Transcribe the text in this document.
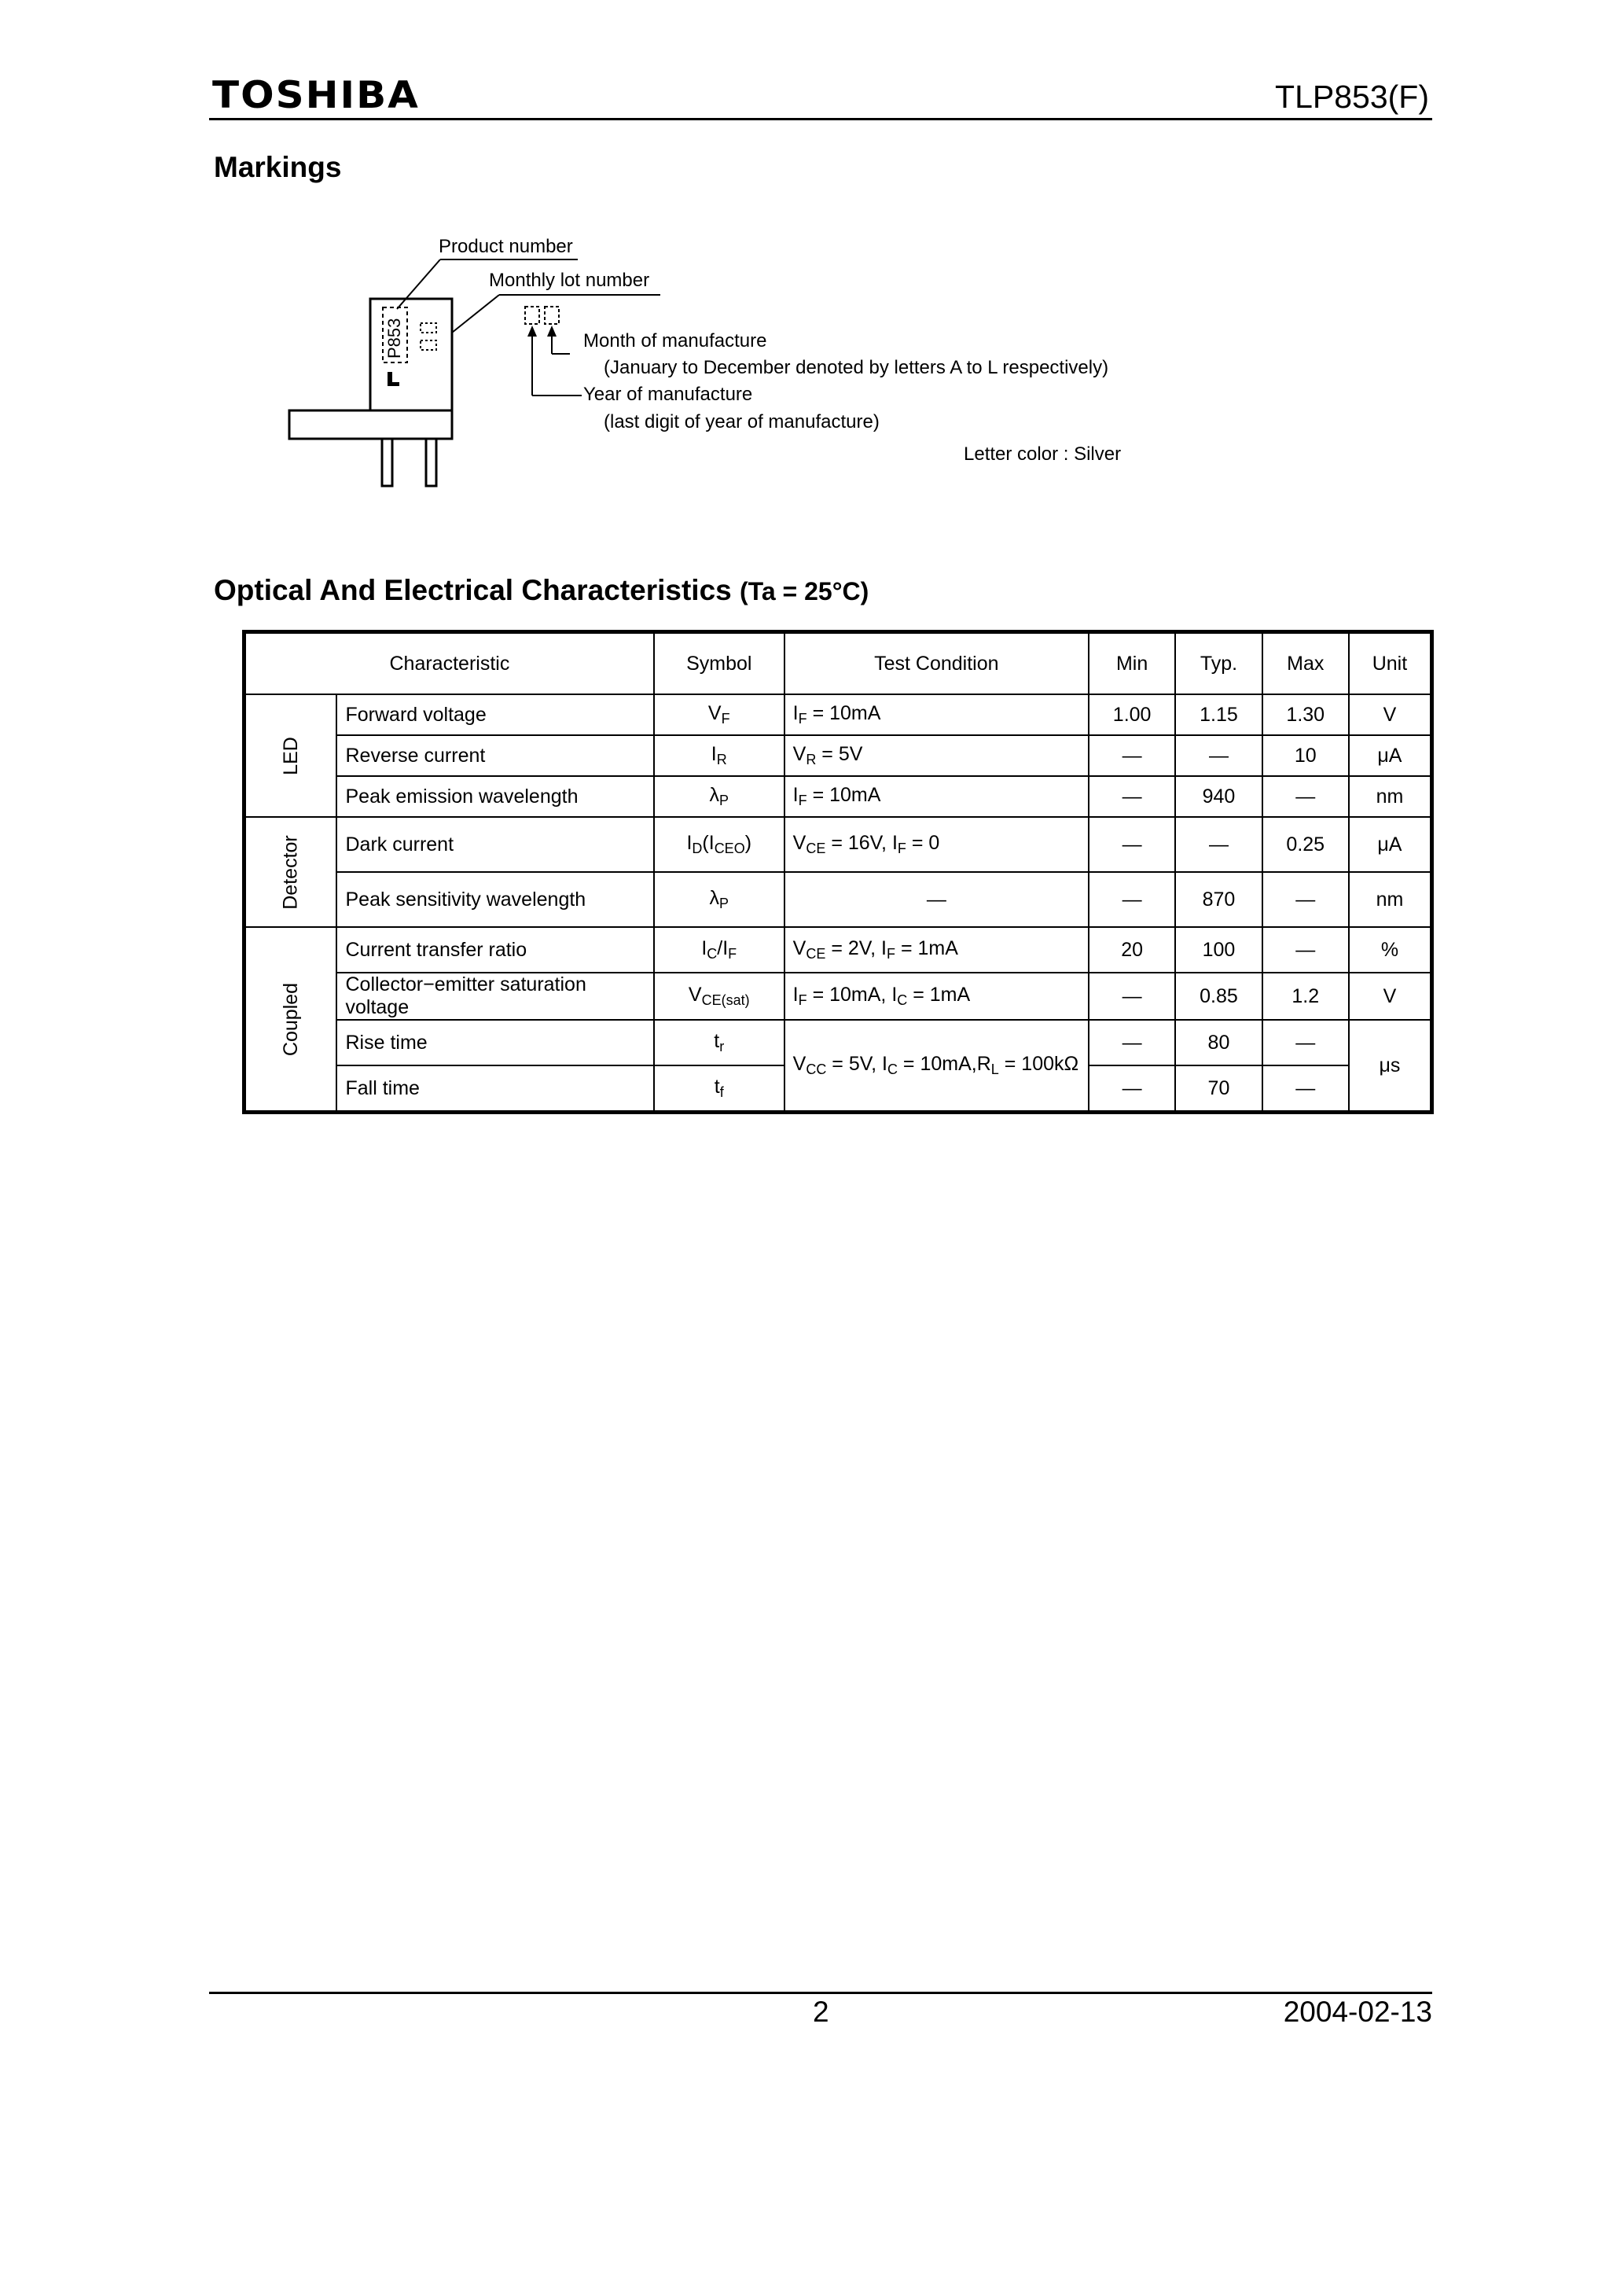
TOSHIBA	TLP853(F)
Markings
P853
Product number
Monthly lot number
Month of manufacture
(January to December denoted by letters A to L respectively)
Year of manufacture
(last digit of year of manufacture)
Letter color : Silver
Optical And Electrical Characteristics (Ta = 25°C)
Characteristic		Symbol	Test Condition	Min	Typ.	Max	Unit
LED	Forward voltage	$V_F$	$I_F = 10mA$	1.00	1.15	1.30	V
	Reverse current	$I_R$	$V_R = 5V$	—	—	10	μA
	Peak emission wavelength	$\lambda_P$	$I_F = 10mA$	—	940	—	nm
Detector	Dark current	$I_D(I_{CEO})$	$V_{CE} = 16V$, $I_F = 0$	—	—	0.25	μA
	Peak sensitivity wavelength	$\lambda_P$	—	—	870	—	nm
Coupled	Current transfer ratio	$I_C/I_F$	$V_{CE} = 2V$, $I_F = 1mA$	20	100	—	%
	Collector−emitter saturation voltage	$V_{CE(sat)}$	$I_F = 10mA$, $I_C = 1mA$	—	0.85	1.2	V
	Rise time	$t_r$	$V_{CC} = 5V$, $I_C = 10mA,R_L = 100k\Omega$	—	80	—	μs
	Fall time	$t_f$		—	70	—	
2	2004-02-13
